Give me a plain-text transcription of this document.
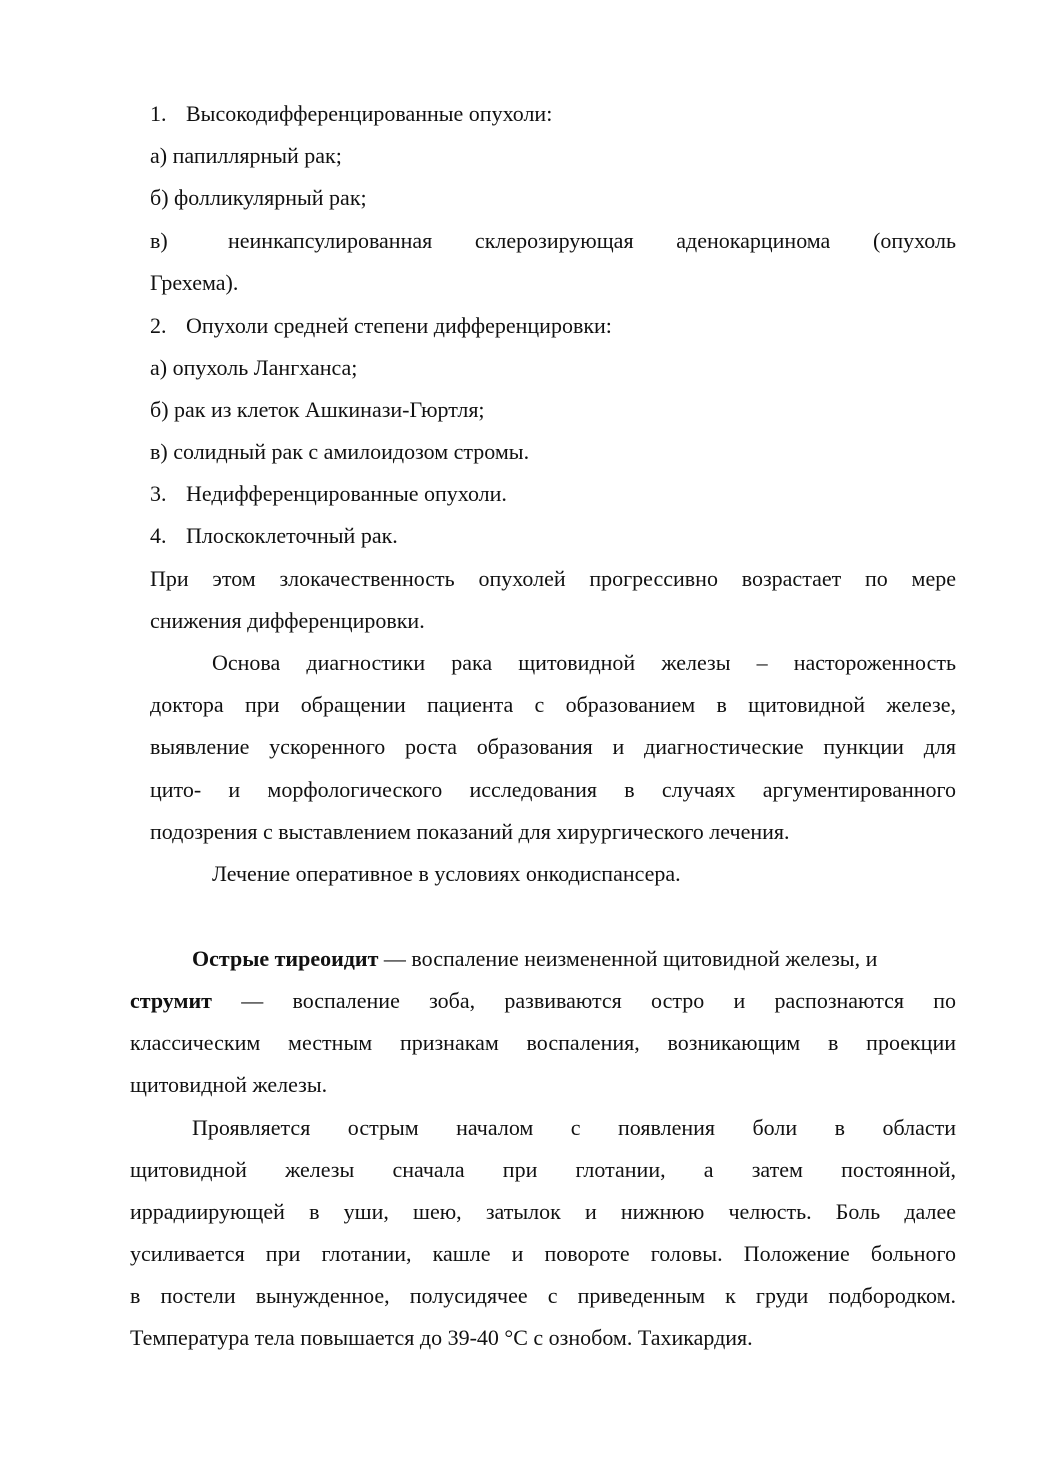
1. Высокодифференцированные опухоли:
а) папиллярный рак;
б) фолликулярный рак;
в)	неинкапсулированная склерозирующая аденокарцинома (опухоль
Грехема).
2. Опухоли средней степени дифференцировки:
а) опухоль Лангханса;
б) рак из клеток Ашкинази-Гюртля;
в) солидный рак с амилоидозом стромы.
3. Недифференцированные опухоли.
4. Плоскоклеточный рак.
При этом злокачественность опухолей прогрессивно возрастает по мере
снижения дифференцировки.
Основа диагностики рака щитовидной железы – настороженность
доктора при обращении пациента с образованием в щитовидной железе,
выявление ускоренного роста образования и диагностические пункции для
цито- и морфологического исследования в случаях аргументированного
подозрения с выставлением показаний для хирургического лечения.
Лечение оперативное в условиях онкодиспансера.
Острые тиреоидит — воспаление неизмененной щитовидной железы, и
струмит — воспаление зоба, развиваются остро и распознаются по
классическим местным признакам воспаления, возникающим в проекции
щитовидной железы.
Проявляется острым началом с появления боли в области
щитовидной железы сначала при глотании, а затем постоянной,
иррадиирующей в уши, шею, затылок и нижнюю челюсть. Боль далее
усиливается при глотании, кашле и повороте головы. Положение больного
в постели вынужденное, полусидячее с приведенным к груди подбородком.
Температура тела повышается до 39-40 °С с ознобом. Тахикардия.
